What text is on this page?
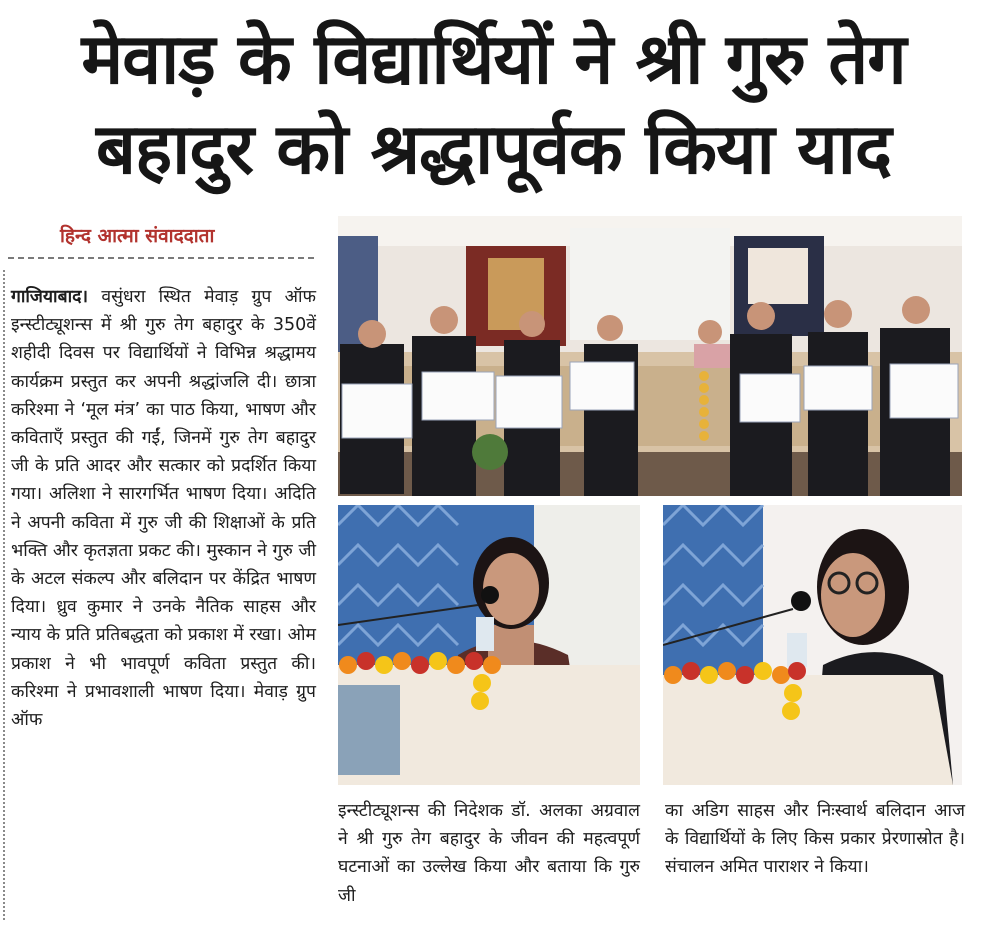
मेवाड़ के विद्यार्थियों ने श्री गुरु तेग
बहादुर को श्रद्धापूर्वक किया याद
हिन्द आत्मा संवाददाता
गाजियाबाद। वसुंधरा स्थित मेवाड़ ग्रुप ऑफ इन्स्टीट्यूशन्स में श्री गुरु तेग बहादुर के 350वें शहीदी दिवस पर विद्यार्थियों ने विभिन्न श्रद्धामय कार्यक्रम प्रस्तुत कर अपनी श्रद्धांजलि दी। छात्रा करिश्मा ने ‘मूल मंत्र’ का पाठ किया, भाषण और कविताएँ प्रस्तुत की गईं, जिनमें गुरु तेग बहादुर जी के प्रति आदर और सत्कार को प्रदर्शित किया गया। अलिशा ने सारगर्भित भाषण दिया। अदिति ने अपनी कविता में गुरु जी की शिक्षाओं के प्रति भक्ति और कृतज्ञता प्रकट की। मुस्कान ने गुरु जी के अटल संकल्प और बलिदान पर केंद्रित भाषण दिया। ध्रुव कुमार ने उनके नैतिक साहस और न्याय के प्रति प्रतिबद्धता को प्रकाश में रखा। ओम प्रकाश ने भी भावपूर्ण कविता प्रस्तुत की। करिश्मा ने प्रभावशाली भाषण दिया। मेवाड़ ग्रुप ऑफ
इन्स्टीट्यूशन्स की निदेशक डॉ. अलका अग्रवाल ने श्री गुरु तेग बहादुर के जीवन की महत्वपूर्ण घटनाओं का उल्लेख किया और बताया कि गुरु जी
का अडिग साहस और निःस्वार्थ बलिदान आज के विद्यार्थियों के लिए किस प्रकार प्रेरणास्रोत है। संचालन अमित पाराशर ने किया।
